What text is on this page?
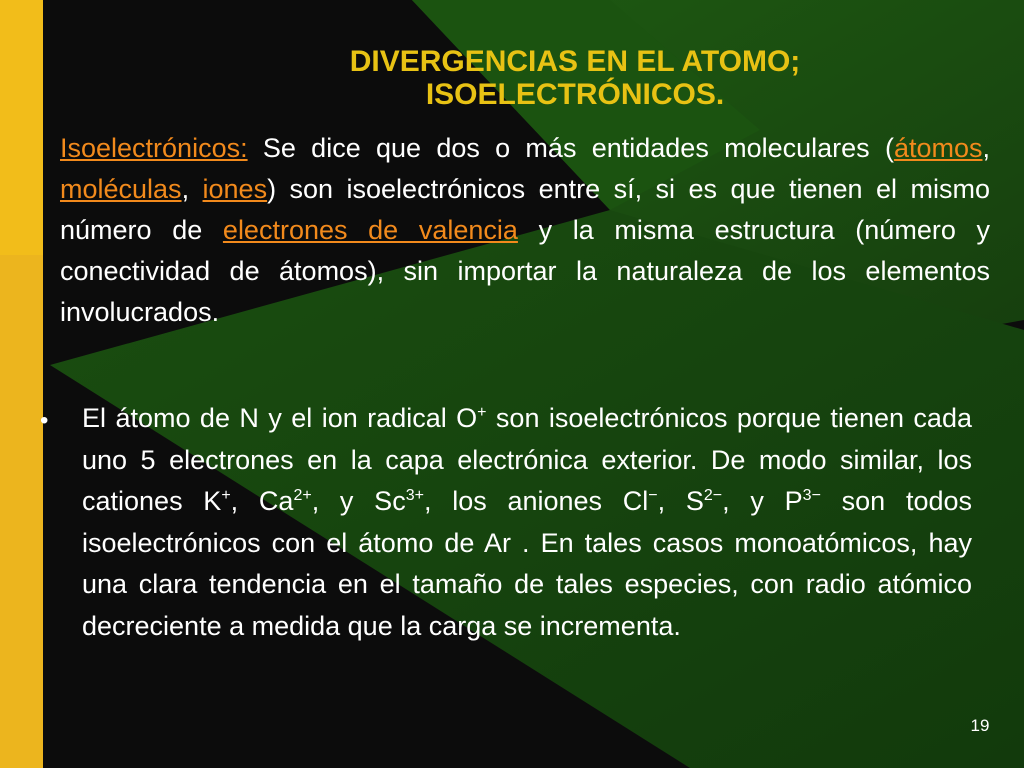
DIVERGENCIAS EN EL ATOMO;
ISOELECTRÓNICOS.

Isoelectrónicos: Se dice que dos o más entidades moleculares (átomos, moléculas, iones) son isoelectrónicos entre sí, si es que tienen el mismo número de electrones de valencia y la misma estructura (número y conectividad de átomos), sin importar la naturaleza de los elementos involucrados.

• El átomo de N y el ion radical O+ son isoelectrónicos porque tienen cada uno 5 electrones en la capa electrónica exterior. De modo similar, los cationes K+, $Ca^{2+}$, y $Sc^{3+}$, los aniones Cl−, $S^{2-}$, y $P^{3-}$ son todos isoelectrónicos con el átomo de Ar . En tales casos monoatómicos, hay una clara tendencia en el tamaño de tales especies, con radio atómico decreciente a medida que la carga se incrementa.

19
